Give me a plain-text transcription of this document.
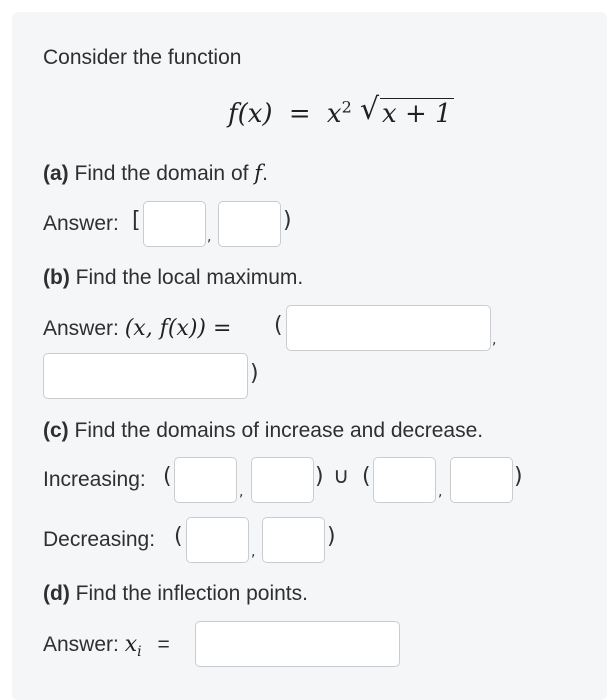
Consider the function
$f(x) = x^2$ √ x + 1
(a) Find the domain of f.
Answer: [
,
)
(b) Find the local maximum.
Answer: (x, f(x)) = (
,
)
(c) Find the domains of increase and decrease.
Increasing: (
,
) ∪ (
,
)
Decreasing: (
,
)
(d) Find the inflection points.
Answer: $x_i$ =
